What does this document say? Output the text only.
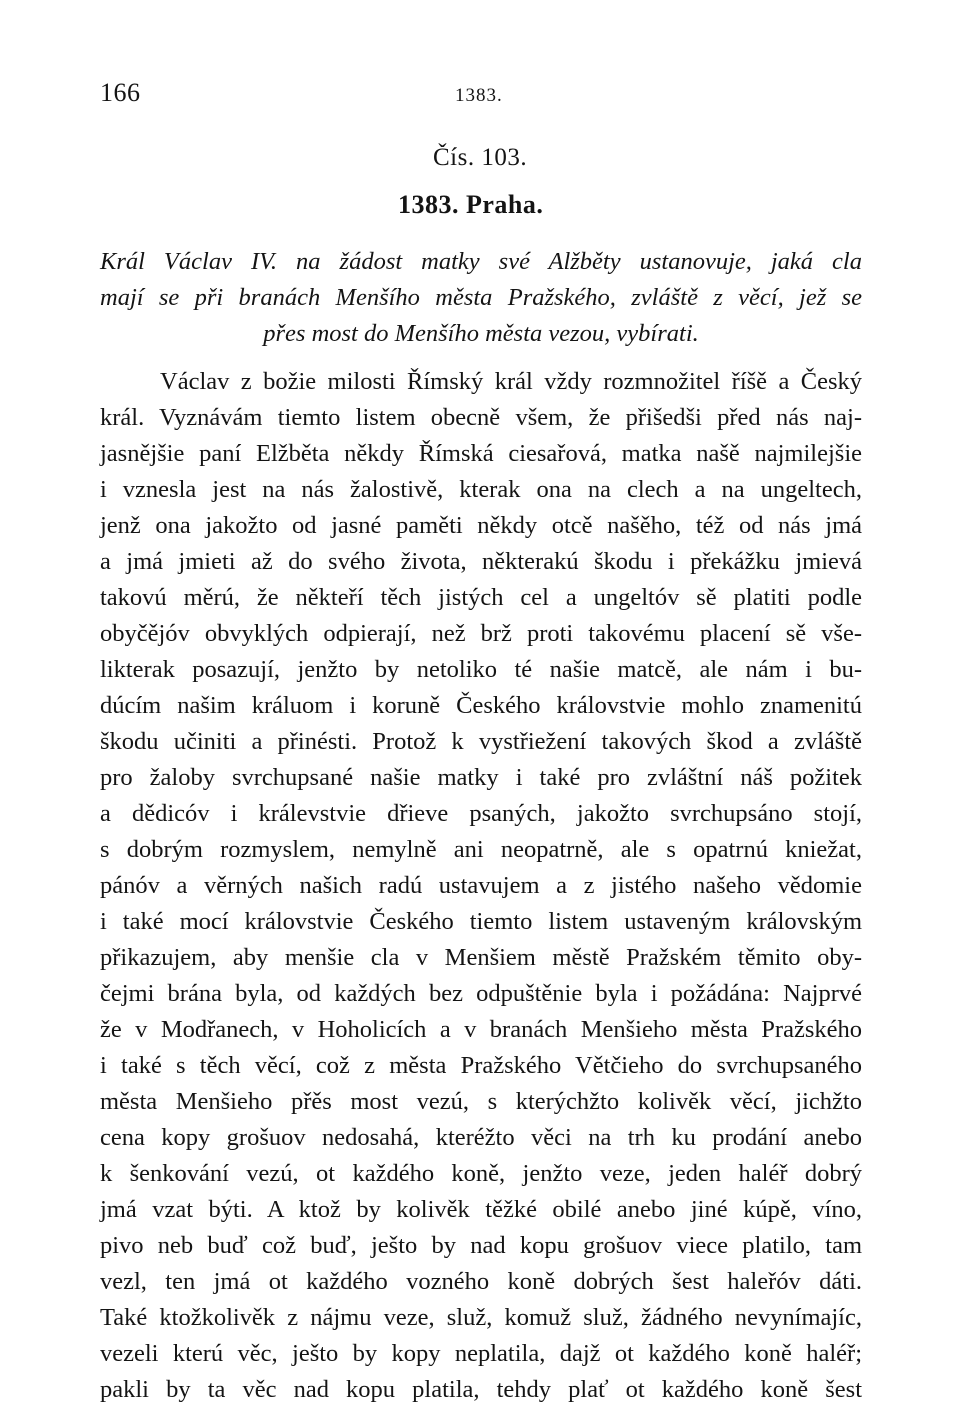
166	1383.
Čís. 103.
1383. Praha.
Král Václav IV. na žádost matky své Alžběty ustanovuje, jaká cla
mají se při branách Menšího města Pražského, zvláště z věcí, jež se
přes most do Menšího města vezou, vybírati.
Václav z božie milosti Římský král vždy rozmnožitel říšě a Český
král. Vyznávám tiemto listem obecně všem, že přišedši před nás naj-
jasnějšie paní Elžběta někdy Římská ciesařová, matka našě najmilejšie
i vznesla jest na nás žalostivě, kterak ona na clech a na ungeltech,
jenž ona jakožto od jasné paměti někdy otcě našěho, též od nás jmá
a jmá jmieti až do svého života, některakú škodu i překážku jmievá
takovú měrú, že někteří těch jistých cel a ungeltóv sě platiti podle
obyčějóv obvyklých odpierají, než brž proti takovému placení sě vše-
likterak posazují, jenžto by netoliko té našie matcě, ale nám i bu-
dúcím našim králuom i koruně Českého královstvie mohlo znamenitú
škodu učiniti a přinésti. Protož k vystřiežení takových škod a zvláště
pro žaloby svrchupsané našie matky i také pro zvláštní náš požitek
a dědicóv i králevstvie dřieve psaných, jakožto svrchupsáno stojí,
s dobrým rozmyslem, nemylně ani neopatrně, ale s opatrnú kniežat,
pánóv a věrných našich radú ustavujem a z jistého našeho vědomie
i také mocí královstvie Českého tiemto listem ustaveným královským
přikazujem, aby menšie cla v Menšiem městě Pražském těmito oby-
čejmi brána byla, od každých bez odpuštěnie byla i požádána: Najprvé
že v Modřanech, v Hoholicích a v branách Menšieho města Pražského
i také s těch věcí, což z města Pražského Větčieho do svrchupsaného
města Menšieho přěs most vezú, s kterýchžto kolivěk věcí, jichžto
cena kopy grošuov nedosahá, kteréžto věci na trh ku prodání anebo
k šenkování vezú, ot každého koně, jenžto veze, jeden haléř dobrý
jmá vzat býti. A ktož by kolivěk těžké obilé anebo jiné kúpě, víno,
pivo neb buď což buď, ješto by nad kopu grošuov viece platilo, tam
vezl, ten jmá ot každého vozného koně dobrých šest haleřóv dáti.
Také ktožkolivěk z nájmu veze, služ, komuž služ, žádného nevynímajíc,
vezeli kterú věc, ješto by kopy neplatila, dajž ot každého koně haléř;
pakli by ta věc nad kopu platila, tehdy plať ot každého koně šest
